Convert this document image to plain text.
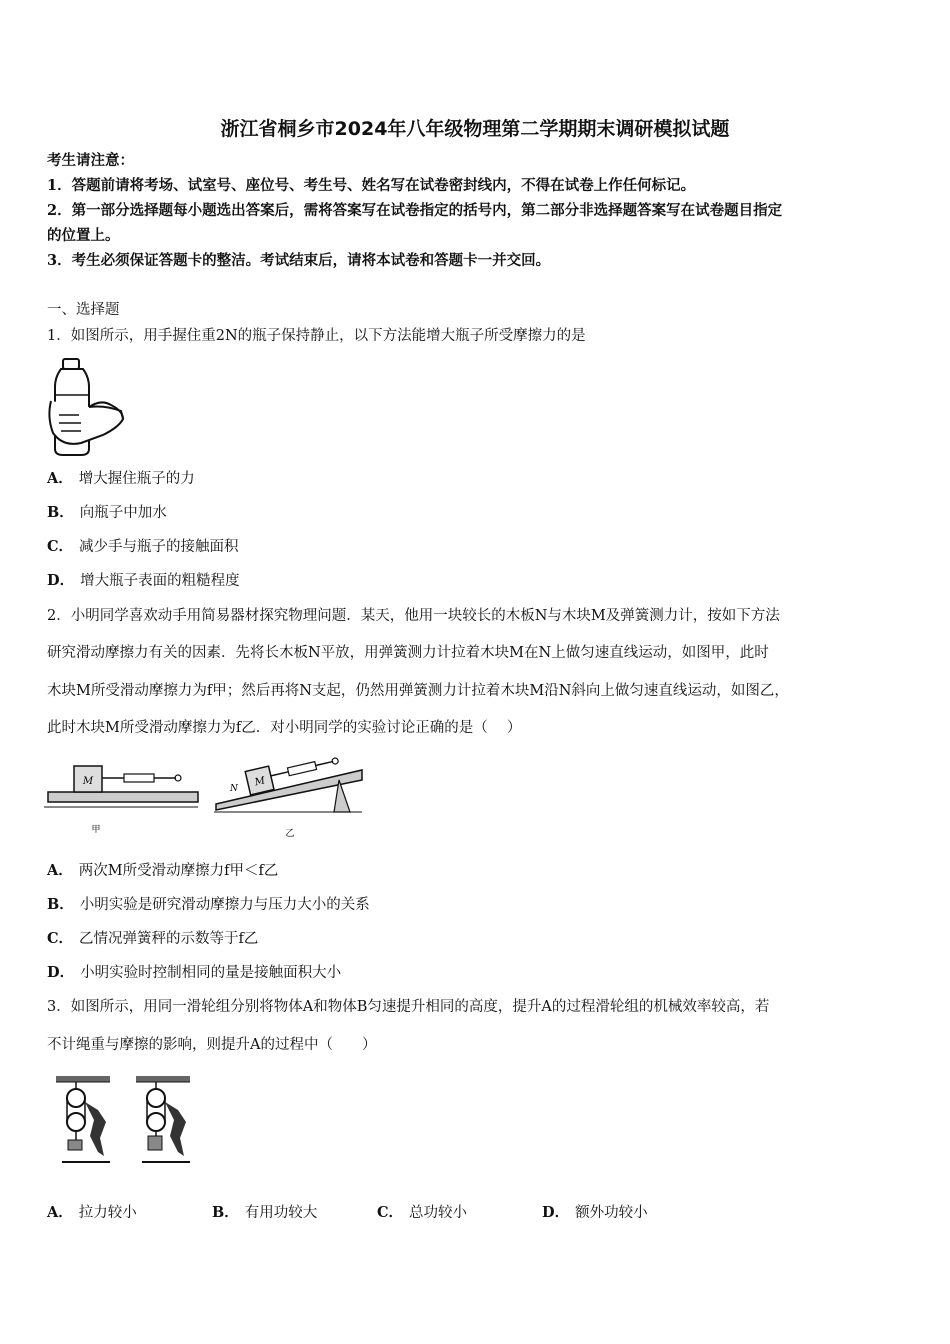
浙江省桐乡市2024年八年级物理第二学期期末调研模拟试题
考生请注意：
1．答题前请将考场、试室号、座位号、考生号、姓名写在试卷密封线内，不得在试卷上作任何标记。
2．第一部分选择题每小题选出答案后，需将答案写在试卷指定的括号内，第二部分非选择题答案写在试卷题目指定
的位置上。
3．考生必须保证答题卡的整洁。考试结束后，请将本试卷和答题卡一并交回。
一、选择题
1．如图所示，用手握住重2N的瓶子保持静止，以下方法能增大瓶子所受摩擦力的是
A． 增大握住瓶子的力
B． 向瓶子中加水
C． 减少手与瓶子的接触面积
D． 增大瓶子表面的粗糙程度
2．小明同学喜欢动手用简易器材探究物理问题．某天，他用一块较长的木板N与木块M及弹簧测力计，按如下方法
研究滑动摩擦力有关的因素．先将长木板N平放，用弹簧测力计拉着木块M在N上做匀速直线运动，如图甲，此时
木块M所受滑动摩擦力为f甲；然后再将N支起，仍然用弹簧测力计拉着木块M沿N斜向上做匀速直线运动，如图乙，
此时木块M所受滑动摩擦力为f乙．对小明同学的实验讨论正确的是（　 ）
M
甲
N
M
乙
A． 两次M所受滑动摩擦力f甲＜f乙
B． 小明实验是研究滑动摩擦力与压力大小的关系
C． 乙情况弹簧秤的示数等于f乙
D． 小明实验时控制相同的量是接触面积大小
3．如图所示，用同一滑轮组分别将物体A和物体B匀速提升相同的高度，提升A的过程滑轮组的机械效率较高，若
不计绳重与摩擦的影响，则提升A的过程中（　　）
A． 拉力较小	B． 有用功较大	C． 总功较小	D． 额外功较小
